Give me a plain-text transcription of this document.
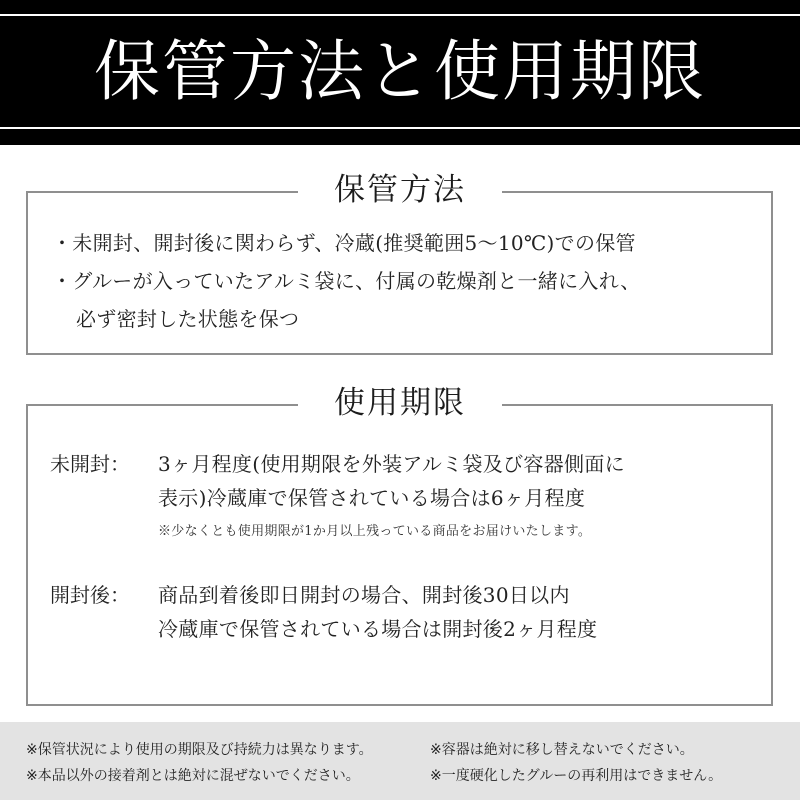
保管方法と使用期限
保管方法
・未開封、開封後に関わらず、冷蔵(推奨範囲5〜10℃)での保管
・グルーが入っていたアルミ袋に、付属の乾燥剤と一緒に入れ、
必ず密封した状態を保つ
使用期限
未開封： 3ヶ月程度(使用期限を外装アルミ袋及び容器側面に
表示)冷蔵庫で保管されている場合は6ヶ月程度
※少なくとも使用期限が1か月以上残っている商品をお届けいたします。
開封後： 商品到着後即日開封の場合、開封後30日以内
冷蔵庫で保管されている場合は開封後2ヶ月程度
※保管状況により使用の期限及び持続力は異なります。	※容器は絶対に移し替えないでください。
※本品以外の接着剤とは絶対に混ぜないでください。	※一度硬化したグルーの再利用はできません。
